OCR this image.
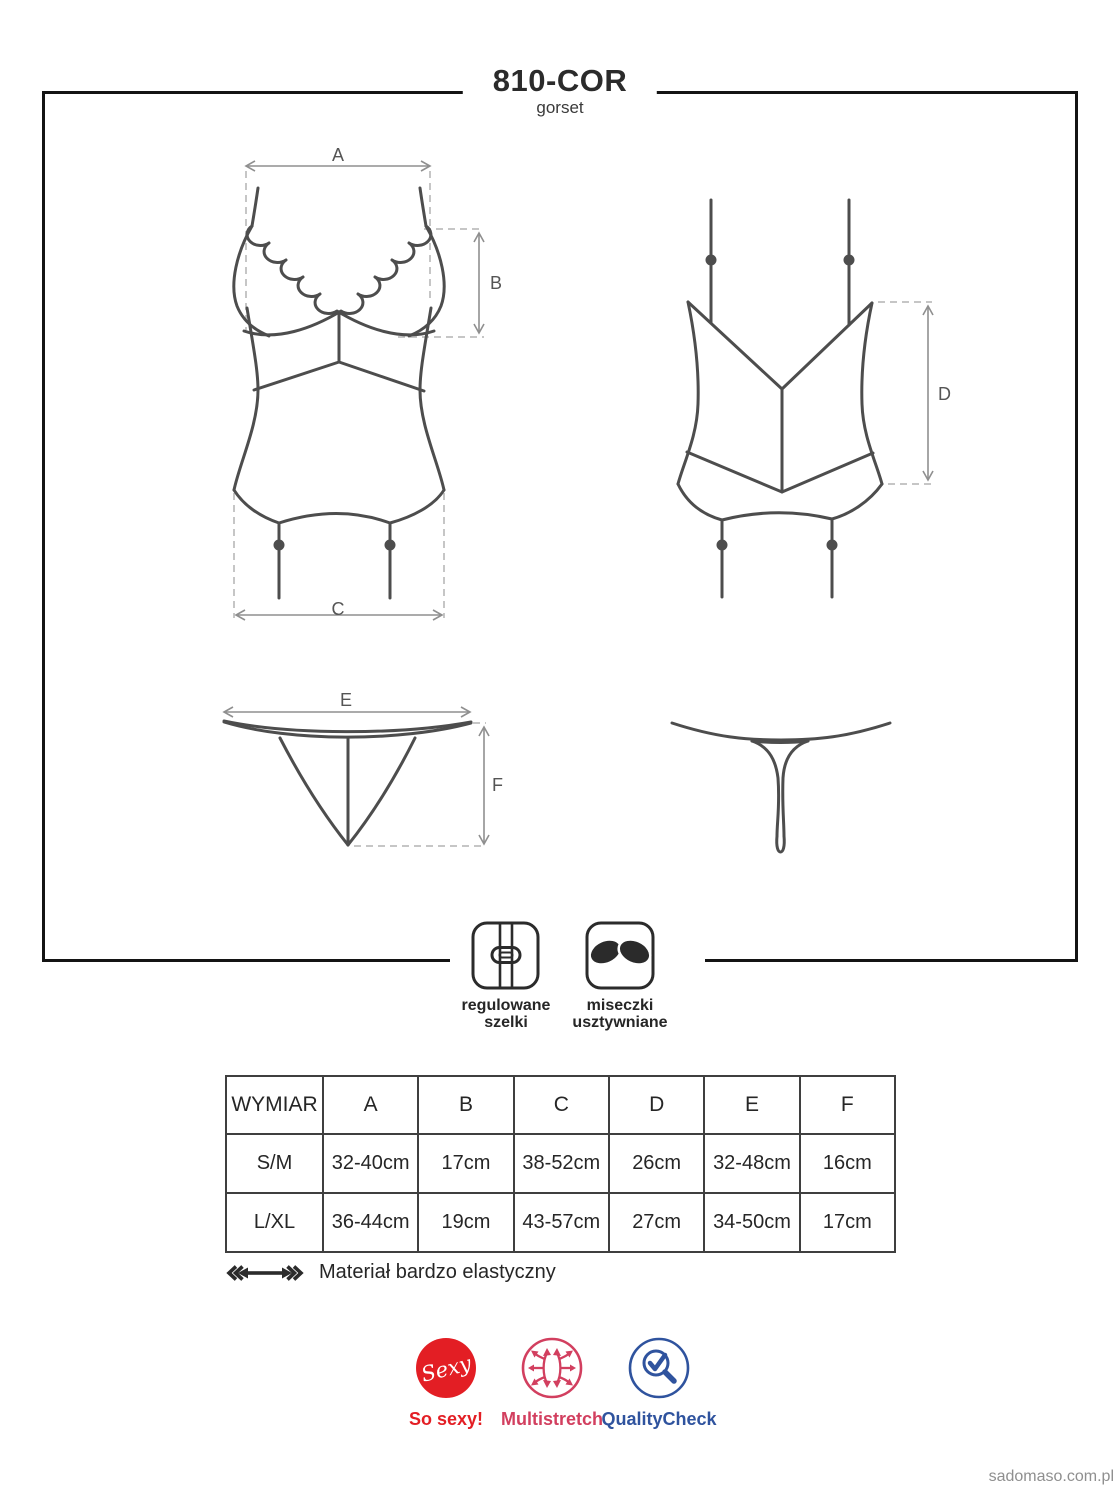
810-COR

gorset

A
B
C
D
E
F
regulowane
szelki
miseczki
usztywniane
WYMIAR	A	B	C	D	E	F
S/M	32-40cm	17cm	38-52cm	26cm	32-48cm	16cm
L/XL	36-44cm	19cm	43-57cm	27cm	34-50cm	17cm
Materiał bardzo elastyczny
Sexy
So sexy! Multistretch
QualityCheck
sadomaso.com.pl
